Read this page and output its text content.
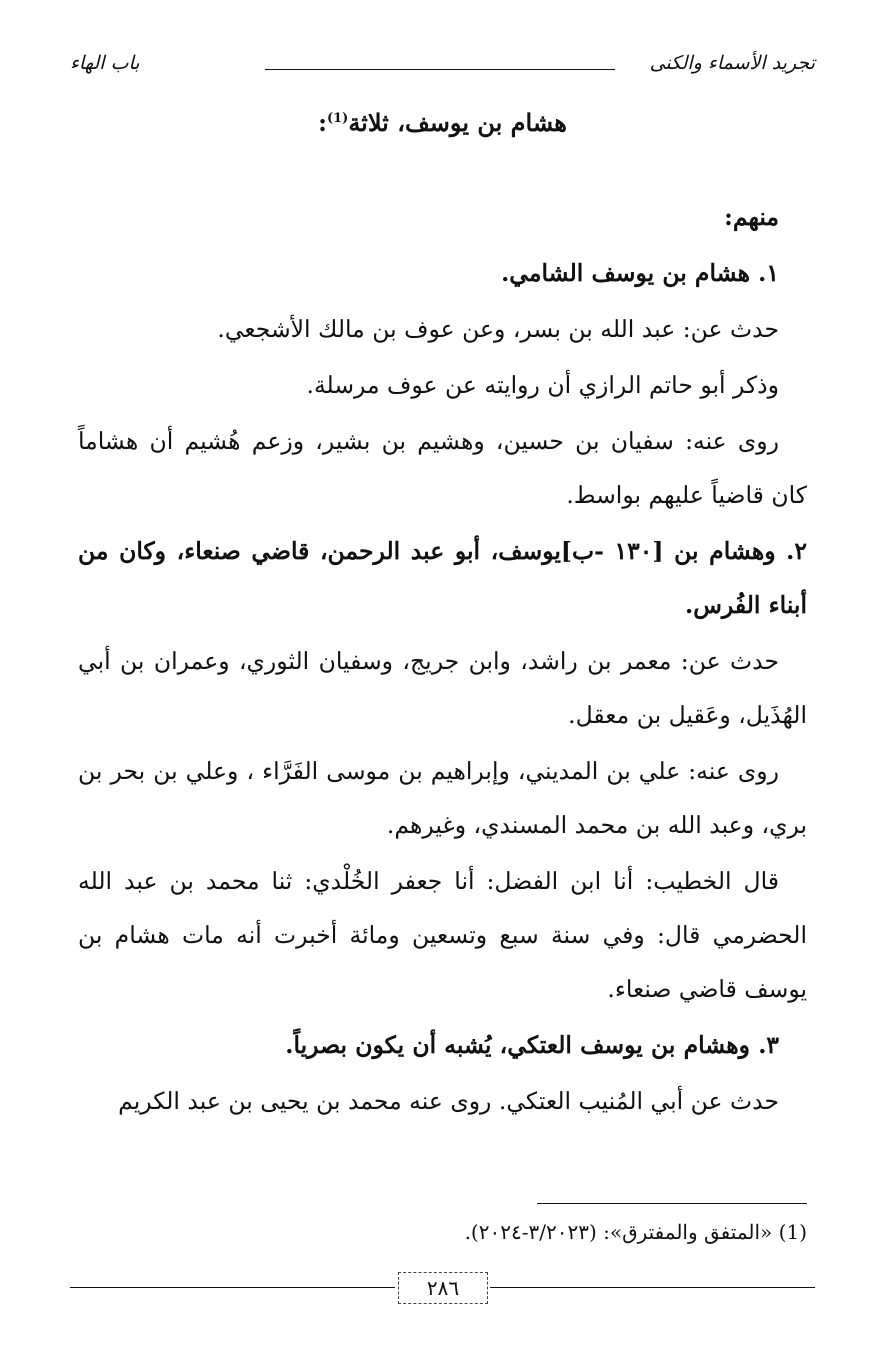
تجريد الأسماء والكنى
باب الهاء
هشام بن يوسف، ثلاثة$^{(1)}$:

منهم:

١. هشام بن يوسف الشامي.

حدث عن: عبد الله بن بسر، وعن عوف بن مالك الأشجعي.

وذكر أبو حاتم الرازي أن روايته عن عوف مرسلة.

روى عنه: سفيان بن حسين، وهشيم بن بشير، وزعم هُشيم أن هشاماً كان قاضياً عليهم بواسط.

٢. وهشام بن [١٣٠ -ب]يوسف، أبو عبد الرحمن، قاضي صنعاء، وكان من أبناء الفُرس.

حدث عن: معمر بن راشد، وابن جريج، وسفيان الثوري، وعمران بن أبي الهُذَيل، وعَقيل بن معقل.

روى عنه: علي بن المديني، وإبراهيم بن موسى الفَرَّاء ، وعلي بن بحر بن بري، وعبد الله بن محمد المسندي، وغيرهم.

قال الخطيب: أنا ابن الفضل: أنا جعفر الخُلْدي: ثنا محمد بن عبد الله الحضرمي قال: وفي سنة سبع وتسعين ومائة أخبرت أنه مات هشام بن يوسف قاضي صنعاء.

٣. وهشام بن يوسف العتكي، يُشبه أن يكون بصرياً.

حدث عن أبي المُنيب العتكي. روى عنه محمد بن يحيى بن عبد الكريم

(1) «المتفق والمفترق»: (٣/٢٠٢٣-٢٠٢٤).
٢٨٦
